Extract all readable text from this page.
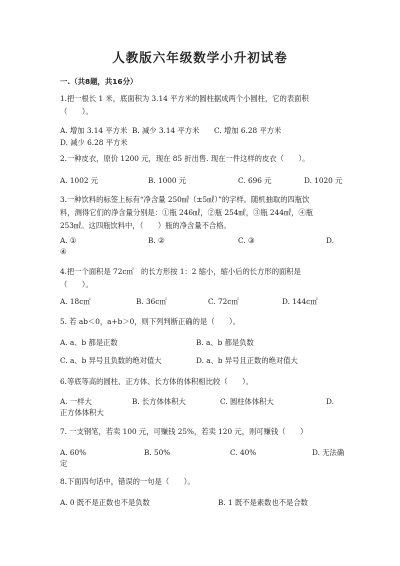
人教版六年级数学小升初试卷
一.（共8题，共16分）
1.把一根长 1 米，底面积为 3.14 平方米的圆柱据成两个小圆柱，它的表面积
（　　）。
A. 增加 3.14 平方米 B. 减少 3.14 平方米 C. 增加 6.28 平方米
D. 减少 6.28 平方米
2.一种皮衣，原价 1200 元，现在 85 折出售. 现在一件这样的皮衣（　　）。
A. 1002 元	B. 1000 元	C. 696 元	D. 1020 元
3.一种饮料的标签上标有“净含量 250㎖（±5㎖）”的字样。随机抽取的四瓶饮
料，测得它们的净含量分别是：①瓶 246㎖，②瓶 254㎖，③瓶 244㎖，④瓶
253㎖。这四瓶饮料中，（　　）瓶的净含量不合格。
A. ①	B. ②	C. ③	D.
④
4.把一个面积是 72c㎡　的长方形按 1：2 缩小，缩小后的长方形的面积是
（　　）。
A. 18c㎡	B. 36c㎡	C. 72c㎡	D. 144c㎡
5. 若 ab＜0，a+b＞0，则下列判断正确的是（　　）。
A. a、b 都是正数	B. a、b 都是负数
C. a、b 异号且负数的绝对值大	D. a、b 异号且正数的绝对值大
6.等底等高的圆柱、正方体、长方体的体积相比较（　　）。
A. 一样大	B. 长方体体积大	C. 圆柱体体积大	D.
正方体体积大
7. 一支钢笔，若卖 100 元，可赚钱 25%，若卖 120 元，则可赚钱（　　）
A. 60%	B. 50%	C. 40%	D. 无法确
定
8.下面四句话中，错误的一句是（　　）。
A. 0 既不是正数也不是负数	B. 1 既不是素数也不是合数
